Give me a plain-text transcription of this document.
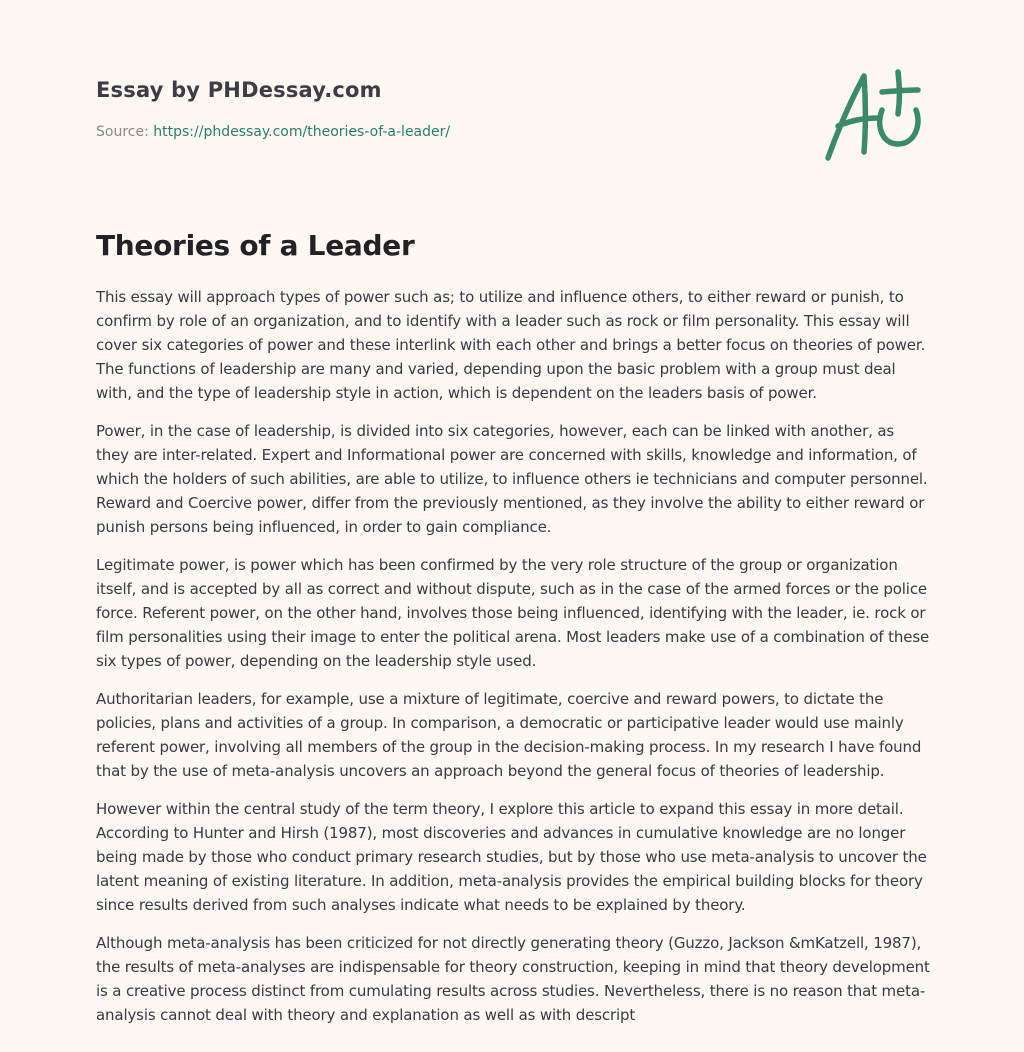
Essay by PHDessay.com
Source: https://phdessay.com/theories-of-a-leader/
Theories of a Leader

This essay will approach types of power such as; to utilize and influence others, to either reward or punish, to confirm by role of an organization, and to identify with a leader such as rock or film personality. This essay will cover six categories of power and these interlink with each other and brings a better focus on theories of power. The functions of leadership are many and varied, depending upon the basic problem with a group must deal with, and the type of leadership style in action, which is dependent on the leaders basis of power.

Power, in the case of leadership, is divided into six categories, however, each can be linked with another, as they are inter-related. Expert and Informational power are concerned with skills, knowledge and information, of which the holders of such abilities, are able to utilize, to influence others ie technicians and computer personnel. Reward and Coercive power, differ from the previously mentioned, as they involve the ability to either reward or punish persons being influenced, in order to gain compliance.

Legitimate power, is power which has been confirmed by the very role structure of the group or organization itself, and is accepted by all as correct and without dispute, such as in the case of the armed forces or the police force. Referent power, on the other hand, involves those being influenced, identifying with the leader, ie. rock or film personalities using their image to enter the political arena. Most leaders make use of a combination of these six types of power, depending on the leadership style used.

Authoritarian leaders, for example, use a mixture of legitimate, coercive and reward powers, to dictate the policies, plans and activities of a group. In comparison, a democratic or participative leader would use mainly referent power, involving all members of the group in the decision-making process. In my research I have found that by the use of meta-analysis uncovers an approach beyond the general focus of theories of leadership.

However within the central study of the term theory, I explore this article to expand this essay in more detail. According to Hunter and Hirsh (1987), most discoveries and advances in cumulative knowledge are no longer being made by those who conduct primary research studies, but by those who use meta-analysis to uncover the latent meaning of existing literature. In addition, meta-analysis provides the empirical building blocks for theory since results derived from such analyses indicate what needs to be explained by theory.

Although meta-analysis has been criticized for not directly generating theory (Guzzo, Jackson &mKatzell, 1987), the results of meta-analyses are indispensable for theory construction, keeping in mind that theory development is a creative process distinct from cumulating results across studies. Nevertheless, there is no reason that meta-analysis cannot deal with theory and explanation as well as with descript
